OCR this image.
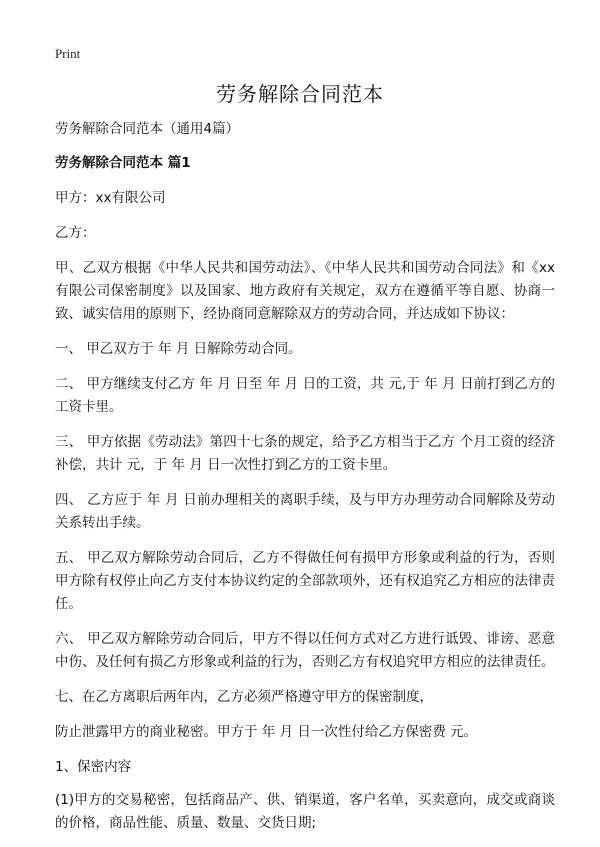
Print
劳务解除合同范本

劳务解除合同范本（通用4篇）

劳务解除合同范本 篇1

甲方：xx有限公司

乙方：

甲、乙双方根据《中华人民共和国劳动法》、《中华人民共和国劳动合同法》和《xx有限公司保密制度》以及国家、地方政府有关规定，双方在遵循平等自愿、协商一致、诚实信用的原则下，经协商同意解除双方的劳动合同，并达成如下协议：

一、 甲乙双方于 年 月 日解除劳动合同。

二、 甲方继续支付乙方 年 月 日至 年 月 日的工资，共 元,于 年 月 日前打到乙方的工资卡里。

三、 甲方依据《劳动法》第四十七条的规定，给予乙方相当于乙方 个月工资的经济补偿，共计 元，于 年 月 日一次性打到乙方的工资卡里。

四、 乙方应于 年 月 日前办理相关的离职手续，及与甲方办理劳动合同解除及劳动关系转出手续。

五、 甲乙双方解除劳动合同后，乙方不得做任何有损甲方形象或利益的行为，否则甲方除有权停止向乙方支付本协议约定的全部款项外，还有权追究乙方相应的法律责任。

六、 甲乙双方解除劳动合同后，甲方不得以任何方式对乙方进行诋毁、诽谤、恶意中伤、及任何有损乙方形象或利益的行为，否则乙方有权追究甲方相应的法律责任。

七、在乙方离职后两年内，乙方必须严格遵守甲方的保密制度，

防止泄露甲方的商业秘密。甲方于 年 月 日一次性付给乙方保密费 元。

1、保密内容

(1)甲方的交易秘密，包括商品产、供、销渠道，客户名单，买卖意向，成交或商谈的价格，商品性能、质量、数量、交货日期;
